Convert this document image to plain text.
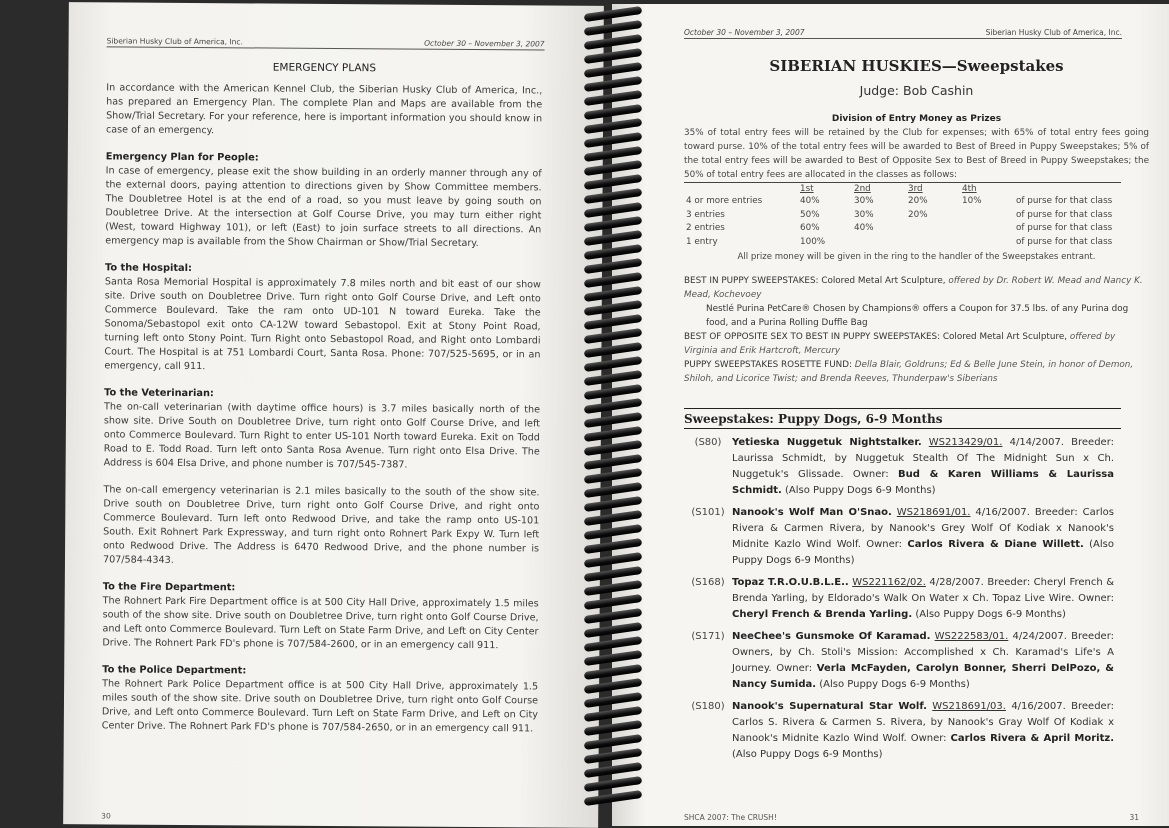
Siberian Husky Club of America, Inc.	October 30 – November 3, 2007
EMERGENCY PLANS

In accordance with the American Kennel Club, the Siberian Husky Club of America, Inc., has prepared an Emergency Plan. The complete Plan and Maps are available from the Show/Trial Secretary. For your reference, here is important information you should know in case of an emergency.

Emergency Plan for People:

In case of emergency, please exit the show building in an orderly manner through any of the external doors, paying attention to directions given by Show Committee members. The Doubletree Hotel is at the end of a road, so you must leave by going south on Doubletree Drive. At the intersection at Golf Course Drive, you may turn either right (West, toward Highway 101), or left (East) to join surface streets to all directions. An emergency map is available from the Show Chairman or Show/Trial Secretary.

To the Hospital:

Santa Rosa Memorial Hospital is approximately 7.8 miles north and bit east of our show site. Drive south on Doubletree Drive. Turn right onto Golf Course Drive, and Left onto Commerce Boulevard. Take the ram onto UD-101 N toward Eureka. Take the Sonoma/Sebastopol exit onto CA-12W toward Sebastopol. Exit at Stony Point Road, turning left onto Stony Point. Turn Right onto Sebastopol Road, and Right onto Lombardi Court. The Hospital is at 751 Lombardi Court, Santa Rosa. Phone: 707/525-5695, or in an emergency, call 911.

To the Veterinarian:

The on-call veterinarian (with daytime office hours) is 3.7 miles basically north of the show site. Drive South on Doubletree Drive, turn right onto Golf Course Drive, and left onto Commerce Boulevard. Turn Right to enter US-101 North toward Eureka. Exit on Todd Road to E. Todd Road. Turn left onto Santa Rosa Avenue. Turn right onto Elsa Drive. The Address is 604 Elsa Drive, and phone number is 707/545-7387.

The on-call emergency veterinarian is 2.1 miles basically to the south of the show site. Drive south on Doubletree Drive, turn right onto Golf Course Drive, and right onto Commerce Boulevard. Turn left onto Redwood Drive, and take the ramp onto US-101 South. Exit Rohnert Park Expressway, and turn right onto Rohnert Park Expy W. Turn left onto Redwood Drive. The Address is 6470 Redwood Drive, and the phone number is 707/584-4343.

To the Fire Department:

The Rohnert Park Fire Department office is at 500 City Hall Drive, approximately 1.5 miles south of the show site. Drive south on Doubletree Drive, turn right onto Golf Course Drive, and Left onto Commerce Boulevard. Turn Left on State Farm Drive, and Left on City Center Drive. The Rohnert Park FD's phone is 707/584-2600, or in an emergency call 911.

To the Police Department:

The Rohnert Park Police Department office is at 500 City Hall Drive, approximately 1.5 miles south of the show site. Drive south on Doubletree Drive, turn right onto Golf Course Drive, and Left onto Commerce Boulevard. Turn Left on State Farm Drive, and Left on City Center Drive. The Rohnert Park FD's phone is 707/584-2650, or in an emergency call 911.

30
October 30 – November 3, 2007	Siberian Husky Club of America, Inc.
SIBERIAN HUSKIES—Sweepstakes
Judge: Bob Cashin
Division of Entry Money as Prizes

35% of total entry fees will be retained by the Club for expenses; with 65% of total entry fees going toward purse. 10% of the total entry fees will be awarded to Best of Breed in Puppy Sweepstakes; 5% of the total entry fees will be awarded to Best of Opposite Sex to Best of Breed in Puppy Sweepstakes; the 50% of total entry fees are allocated in the classes as follows:

	1st	2nd	3rd	4th	
4 or more entries	40%	30%	20%	10%	of purse for that class
3 entries	50%	30%	20%		of purse for that class
2 entries	60%	40%			of purse for that class
1 entry	100%				of purse for that class
All prize money will be given in the ring to the handler of the Sweepstakes entrant.

BEST IN PUPPY SWEEPSTAKES: Colored Metal Art Sculpture, offered by Dr. Robert W. Mead and Nancy K. Mead, Kochevoey

Nestlé Purina PetCare® Chosen by Champions® offers a Coupon for 37.5 lbs. of any Purina dog food, and a Purina Rolling Duffle Bag

BEST OF OPPOSITE SEX TO BEST IN PUPPY SWEEPSTAKES: Colored Metal Art Sculpture, offered by Virginia and Erik Hartcroft, Mercury

PUPPY SWEEPSTAKES ROSETTE FUND: Della Blair, Goldruns; Ed & Belle June Stein, in honor of Demon, Shiloh, and Licorice Twist; and Brenda Reeves, Thunderpaw's Siberians

Sweepstakes: Puppy Dogs, 6-9 Months
(S80)	Yetieska Nuggetuk Nightstalker. WS213429/01. 4/14/2007. Breeder: Laurissa Schmidt, by Nuggetuk Stealth Of The Midnight Sun x Ch. Nuggetuk's Glissade. Owner: Bud & Karen Williams & Laurissa Schmidt. (Also Puppy Dogs 6-9 Months)
(S101) Nanook's Wolf Man O'Snao. WS218691/01. 4/16/2007. Breeder: Carlos Rivera & Carmen Rivera, by Nanook's Grey Wolf Of Kodiak x Nanook's Midnite Kazlo Wind Wolf. Owner: Carlos Rivera & Diane Willett. (Also Puppy Dogs 6-9 Months)
(S168) Topaz T.R.O.U.B.L.E.. WS221162/02. 4/28/2007. Breeder: Cheryl French & Brenda Yarling, by Eldorado's Walk On Water x Ch. Topaz Live Wire. Owner: Cheryl French & Brenda Yarling. (Also Puppy Dogs 6-9 Months)
(S171) NeeChee's Gunsmoke Of Karamad. WS222583/01. 4/24/2007. Breeder: Owners, by Ch. Stoli's Mission: Accomplished x Ch. Karamad's Life's A Journey. Owner: Verla McFayden, Carolyn Bonner, Sherri DelPozo, & Nancy Sumida. (Also Puppy Dogs 6-9 Months)
(S180) Nanook's Supernatural Star Wolf. WS218691/03. 4/16/2007. Breeder: Carlos S. Rivera & Carmen S. Rivera, by Nanook's Gray Wolf Of Kodiak x Nanook's Midnite Kazlo Wind Wolf. Owner: Carlos Rivera & April Moritz. (Also Puppy Dogs 6-9 Months)
SHCA 2007: The CRUSH!	31
